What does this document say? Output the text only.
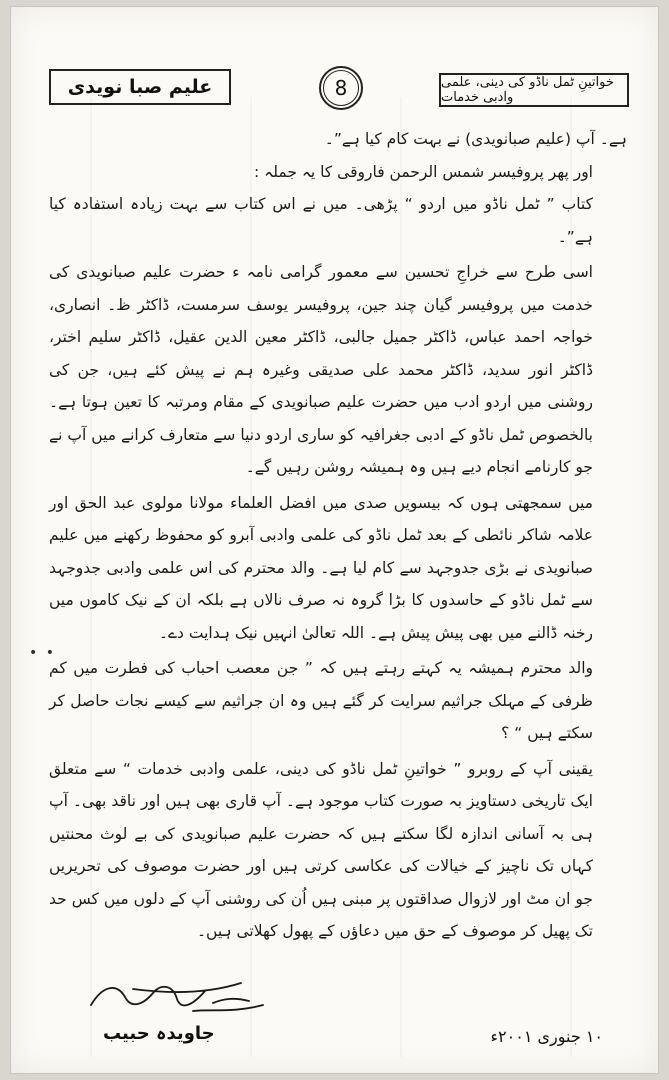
علیم صبا نویدی	8	خواتینِ ٹمل ناڈو کی دینی، علمی وادبی خدمات

ہے۔ آپ (علیم صبانویدی) نے بہت کام کیا ہے”۔

اور پھر پروفیسر شمس الرحمن فاروقی کا یہ جملہ :

کتاب ” ٹمل ناڈو میں اردو “ پڑھی۔ میں نے اس کتاب سے بہت زیادہ استفادہ کیا ہے”۔

اسی طرح سے خراجِ تحسین سے معمور گرامی نامہ ء حضرت علیم صبانویدی کی خدمت میں پروفیسر گیان چند جین، پروفیسر یوسف سرمست، ڈاکٹر ظ۔ انصاری، خواجہ احمد عباس، ڈاکٹر جمیل جالبی، ڈاکٹر معین الدین عقیل، ڈاکٹر سلیم اختر، ڈاکٹر انور سدید، ڈاکٹر محمد علی صدیقی وغیرہ ہم نے پیش کئے ہیں، جن کی روشنی میں اردو ادب میں حضرت علیم صبانویدی کے مقام ومرتبہ کا تعین ہوتا ہے۔ بالخصوص ٹمل ناڈو کے ادبی جغرافیہ کو ساری اردو دنیا سے متعارف کرانے میں آپ نے جو کارنامے انجام دیے ہیں وہ ہمیشہ روشن رہیں گے۔

میں سمجھتی ہوں کہ بیسویں صدی میں افضل العلماء مولانا مولوی عبد الحق اور علامہ شاکر نائطی کے بعد ٹمل ناڈو کی علمی وادبی آبرو کو محفوظ رکھنے میں علیم صبانویدی نے بڑی جدوجہد سے کام لیا ہے۔ والد محترم کی اس علمی وادبی جدوجہد سے ٹمل ناڈو کے حاسدوں کا بڑا گروہ نہ صرف نالاں ہے بلکہ ان کے نیک کاموں میں رخنہ ڈالنے میں بھی پیش پیش ہے۔ اللہ تعالیٰ انہیں نیک ہدایت دے۔

والد محترم ہمیشہ یہ کہتے رہتے ہیں کہ ” جن معصب احباب کی فطرت میں کم ظرفی کے مہلک جراثیم سرایت کر گئے ہیں وہ ان جراثیم سے کیسے نجات حاصل کر سکتے ہیں “ ؟

یقینی آپ کے روبرو ” خواتینِ ٹمل ناڈو کی دینی، علمی وادبی خدمات “ سے متعلق ایک تاریخی دستاویز بہ صورت کتاب موجود ہے۔ آپ قاری بھی ہیں اور ناقد بھی۔ آپ ہی بہ آسانی اندازہ لگا سکتے ہیں کہ حضرت علیم صبانویدی کی بے لوث محنتیں کہاں تک ناچیز کے خیالات کی عکاسی کرتی ہیں اور حضرت موصوف کی تحریریں جو ان مٹ اور لازوال صداقتوں پر مبنی ہیں اُن کی روشنی آپ کے دلوں میں کس حد تک پھیل کر موصوف کے حق میں دعاؤں کے پھول کھلاتی ہیں۔

• •
جاویدہ حبیب	۱۰ جنوری ۲۰۰۱ء
